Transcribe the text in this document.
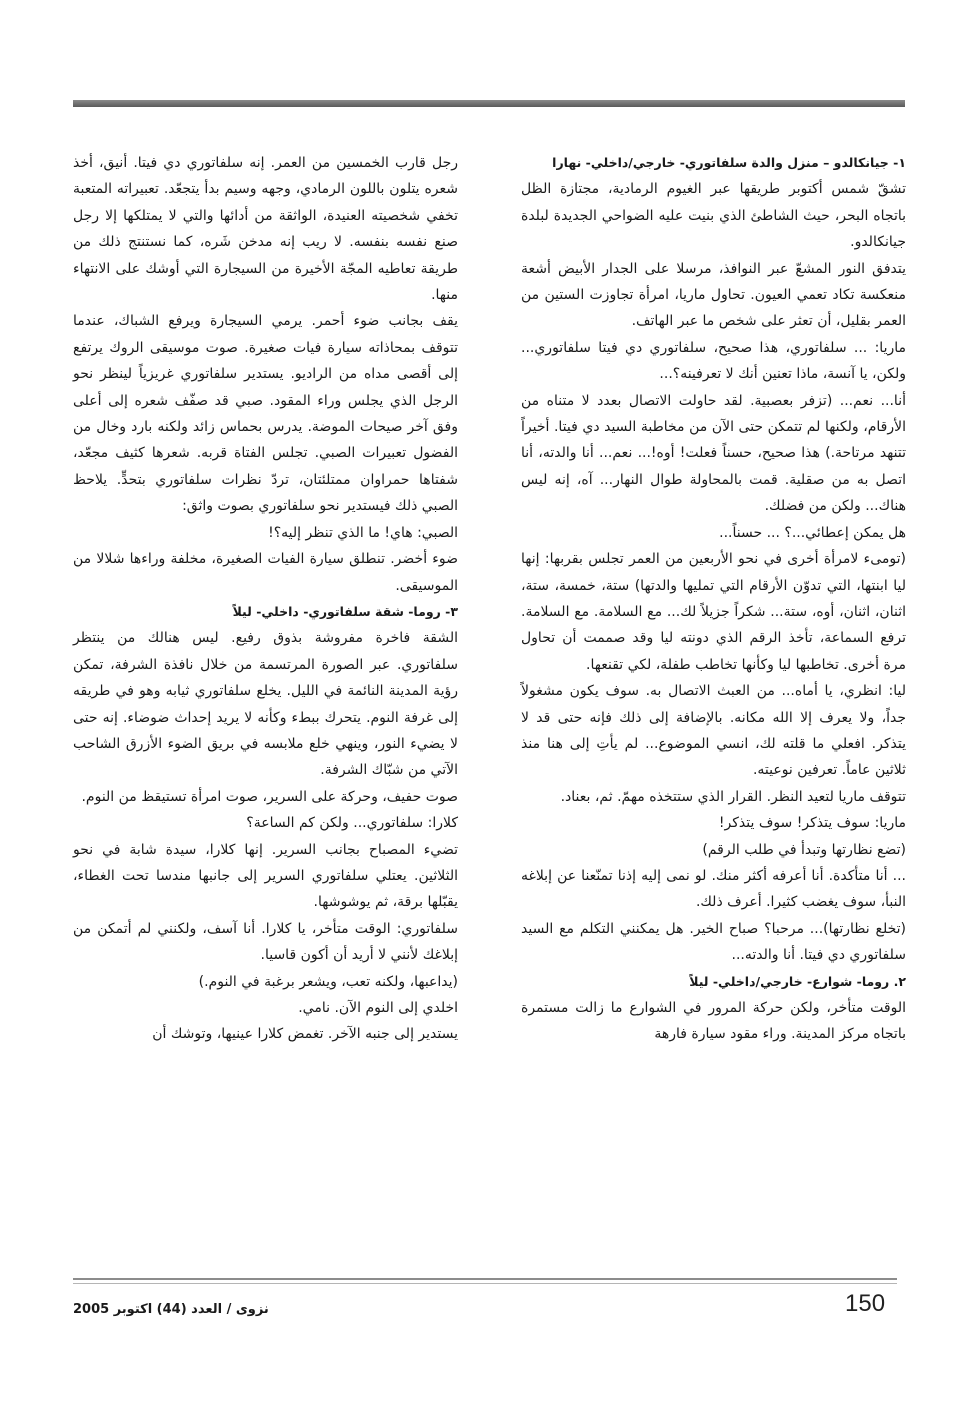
١- جيانكالدو – منزل والدة سلفاتوري- خارجي/داخلي- نهارا

تشقّ شمس أكتوبر طريقها عبر الغيوم الرمادية، مجتازة الظل باتجاه البحر، حيث الشاطئ الذي بنيت عليه الضواحي الجديدة لبلدة جيانكالدو.

يتدفق النور المشعّ عبر النوافذ، مرسلا على الجدار الأبيض أشعة منعكسة تكاد تعمي العيون. تحاول ماريا، امرأة تجاوزت الستين من العمر بقليل، أن تعثر على شخص ما عبر الهاتف.

ماريا: ... سلفاتوري، هذا صحيح، سلفاتوري دي فيتا سلفاتوري... ولكن، يا آنسة، ماذا تعنين أنك لا تعرفينه؟...

أنا... نعم... (تزفر بعصبية. لقد حاولت الاتصال بعدد لا متناه من الأرقام، ولكنها لم تتمكن حتى الآن من مخاطبة السيد دي فيتا. أخيراً تتنهد مرتاحة.) هذا صحيح، حسناً فعلت! أوه!... نعم... أنا والدته، أنا اتصل به من صقلية. قمت بالمحاولة طوال النهار... آه، إنه ليس هناك... ولكن من فضلك.

هل يمكن إعطائي...؟ ... حسناً...

(تومىء لامرأة أخرى في نحو الأربعين من العمر تجلس بقربها: إنها ليا ابنتها، التي تدوّن الأرقام التي تمليها والدتها) ستة، خمسة، ستة، اثنان، اثنان، أوه، ستة... شكراً جزيلاً لك... مع السلامة. مع السلامة. ترفع السماعة، تأخذ الرقم الذي دونته ليا وقد صممت أن تحاول مرة أخرى. تخاطبها ليا وكأنها تخاطب طفلة، لكي تقنعها.

ليا: انظري، يا أماه... من العبث الاتصال به. سوف يكون مشغولاً جداً، ولا يعرف إلا الله مكانه. بالإضافة إلى ذلك فإنه حتى قد لا يتذكر. افعلي ما قلته لك، انسي الموضوع... لم يأتِ إلى هنا منذ ثلاثين عاماً. تعرفين نوعيته.

تتوقف ماريا لتعيد النظر. القرار الذي ستتخذه مهمّ. ثم، بعناد.

ماريا: سوف يتذكر! سوف يتذكر!

(تضع نظارتها وتبدأ في طلب الرقم)

... أنا متأكدة. أنا أعرفه أكثر منك. لو نمى إليه إذنا تمنّعنا عن إبلاغه النبأ، سوف يغضب كثيرا. أعرف ذلك.

(تخلع نظارتها)... مرحبا؟ صباح الخير. هل يمكنني التكلم مع السيد سلفاتوري دي فيتا. أنا والدته...

٢. روما- شوارع- خارجي/داخلي- ليلاً

الوقت متأخر، ولكن حركة المرور في الشوارع ما زالت مستمرة باتجاه مركز المدينة. وراء مقود سيارة فارهة

رجل قارب الخمسين من العمر. إنه سلفاتوري دي فيتا. أنيق، أخذ شعره يتلون باللون الرمادي، وجهه وسيم بدأ يتجعّد. تعبيراته المتعبة تخفي شخصيته العنيدة، الواثقة من أدائها والتي لا يمتلكها إلا رجل صنع نفسه بنفسه. لا ريب إنه مدخن شَره، كما نستنتج ذلك من طريقة تعاطيه المجّة الأخيرة من السيجارة التي أوشك على الانتهاء منها.

يقف بجانب ضوء أحمر. يرمي السيجارة ويرفع الشباك، عندما تتوقف بمحاذاته سيارة فيات صغيرة. صوت موسيقى الروك يرتفع إلى أقصى مداه من الراديو. يستدير سلفاتوري غريزياً لينظر نحو الرجل الذي يجلس وراء المقود. صبي قد صفّف شعره إلى أعلى وفق آخر صيحات الموضة. يدرس بحماس زائد ولكنه بارد وخال من الفضول تعبيرات الصبي. تجلس الفتاة قربه. شعرها كثيف مجعّد، شفتاها حمراوان ممتلئتان، تردّ نظرات سلفاتوري بتحدٍّ. يلاحظ الصبي ذلك فيستدير نحو سلفاتوري بصوت واثق:

الصبي: هاي! ما الذي تنظر إليه؟!

ضوء أخضر. تنطلق سيارة الفيات الصغيرة، مخلفة وراءها شلالا من الموسيقى.

٣- روما- شقة سلفاتوري- داخلي- ليلاً

الشقة فاخرة مفروشة بذوق رفيع. ليس هنالك من ينتظر سلفاتوري. عبر الصورة المرتسمة من خلال نافذة الشرفة، تمكن رؤية المدينة النائمة في الليل. يخلع سلفاتوري ثيابه وهو في طريقه إلى غرفة النوم. يتحرك ببطء وكأنه لا يريد إحداث ضوضاء. إنه حتى لا يضيء النور، وينهي خلع ملابسه في بريق الضوء الأزرق الشاحب الآتي من شبّاك الشرفة.

صوت حفيف، وحركة على السرير، صوت امرأة تستيقظ من النوم.

كلارا: سلفاتوري... ولكن كم الساعة؟

تضيء المصباح بجانب السرير. إنها كلارا، سيدة شابة في نحو الثلاثين. يعتلي سلفاتوري السرير إلى جانبها مندسا تحت الغطاء، يقبّلها برقة، ثم يوشوشها.

سلفاتوري: الوقت متأخر، يا كلارا. أنا آسف، ولكنني لم أتمكن من إبلاغك لأنني لا أريد أن أكون قاسيا.

(يداعبها، ولكنه تعب، ويشعر برغبة في النوم.)

اخلدي إلى النوم الآن. نامي.

يستدير إلى جنبه الآخر. تغمض كلارا عينيها، وتوشك أن

150
نزوى / العدد (44) اكتوبر 2005
